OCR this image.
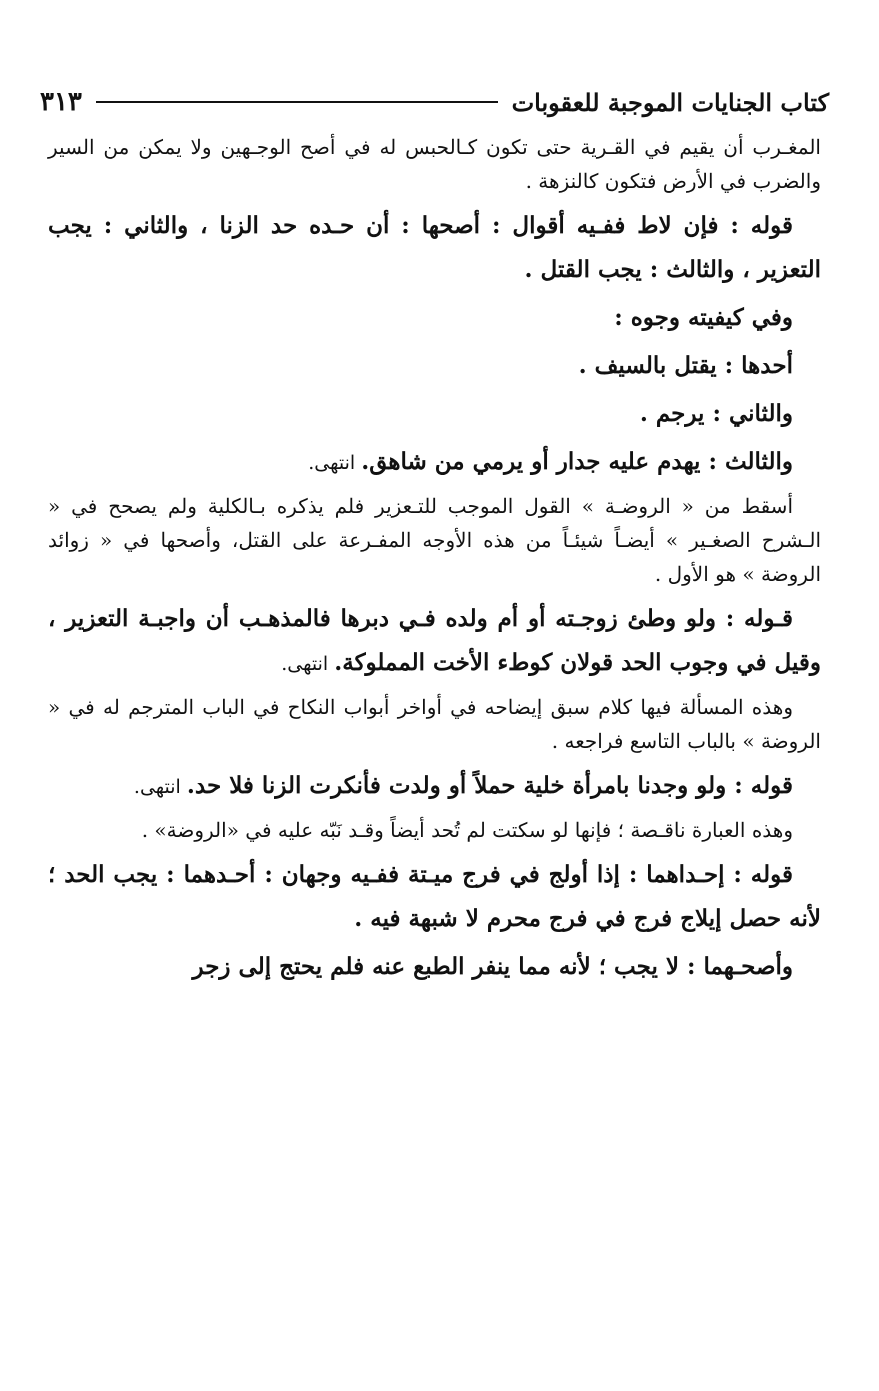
كتاب الجنايات الموجبة للعقوبات
٣١٣

المغـرب أن يقيم في القـرية حتى تكون كـالحبس له في أصح الوجـهين ولا يمكن من السير والضرب في الأرض فتكون كالنزهة .

قوله : فإن لاط ففـيه أقوال : أصحها : أن حـده حد الزنا ، والثاني : يجب التعزير ، والثالث : يجب القتل .

وفي كيفيته وجوه :

أحدها : يقتل بالسيف .

والثاني : يرجم .

والثالث : يهدم عليه جدار أو يرمي من شاهق. انتهى.

أسقط من « الروضـة » القول الموجب للتـعزير فلم يذكره بـالكلية ولم يصحح في « الـشرح الصغـير » أيضـاً شيئـاً من هذه الأوجه المفـرعة على القتل، وأصحها في « زوائد الروضة » هو الأول .

قـوله : ولو وطئ زوجـته أو أم ولده فـي دبرها فالمذهـب أن واجبـة التعزير ، وقيل في وجوب الحد قولان كوطء الأخت المملوكة. انتهى.

وهذه المسألة فيها كلام سبق إيضاحه في أواخر أبواب النكاح في الباب المترجم له في « الروضة » بالباب التاسع فراجعه .

قوله : ولو وجدنا بامرأة خلية حملاً أو ولدت فأنكرت الزنا فلا حد. انتهى.

وهذه العبارة ناقـصة ؛ فإنها لو سكتت لم تُحد أيضاً وقـد نَبّه عليه في «الروضة» .

قوله : إحـداهما : إذا أولج في فرج ميـتة ففـيه وجهان : أحـدهما : يجب الحد ؛ لأنه حصل إيلاج فرج في فرج محرم لا شبهة فيه .

وأصحـهما : لا يجب ؛ لأنه مما ينفر الطبع عنه فلم يحتج إلى زجر
